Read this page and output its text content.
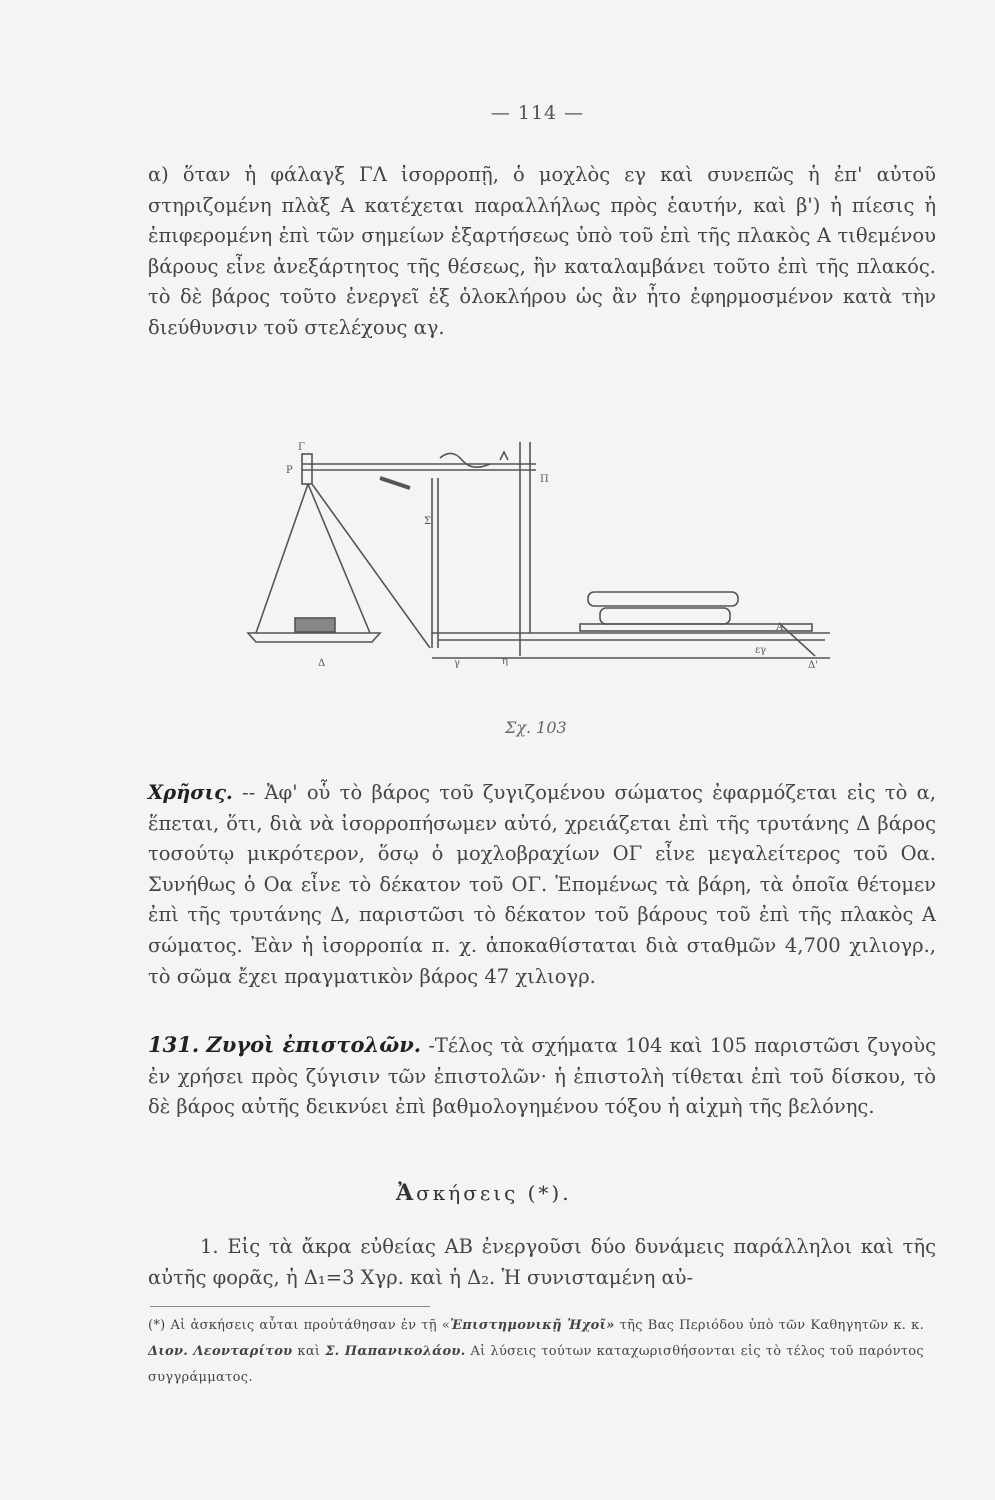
— 114 —

α) ὅταν ἡ φάλαγξ ΓΛ ἰσορροπῇ, ὁ μοχλὸς εγ καὶ συνεπῶς ἡ ἐπ' αὐτοῦ στηριζομένη πλὰξ Α κατέχεται παραλλήλως πρὸς ἑαυτήν, καὶ β') ἡ πίεσις ἡ ἐπιφερομένη ἐπὶ τῶν σημείων ἐξαρτήσεως ὑπὸ τοῦ ἐπὶ τῆς πλακὸς Α τιθεμένου βάρους εἶνε ἀνεξάρτητος τῆς θέσεως, ἣν καταλαμβάνει τοῦτο ἐπὶ τῆς πλακός. τὸ δὲ βάρος τοῦτο ἐνεργεῖ ἐξ ὁλοκλήρου ὡς ἂν ἦτο ἐφηρμοσμένον κατὰ τὴν διεύθυνσιν τοῦ στελέχους αγ.

Γ
Ρ
Π
Σ
Δ
Α
γ	η
εγ
Δ'
Σχ. 103

Χρῆσις. -- Ἀφ' οὗ τὸ βάρος τοῦ ζυγιζομένου σώματος ἐφαρμόζεται εἰς τὸ α, ἕπεται, ὅτι, διὰ νὰ ἰσορροπήσωμεν αὐτό, χρειάζεται ἐπὶ τῆς τρυτάνης Δ βάρος τοσούτῳ μικρότερον, ὅσῳ ὁ μοχλοβραχίων ΟΓ εἶνε μεγαλείτερος τοῦ Οα. Συνήθως ὁ Οα εἶνε τὸ δέκατον τοῦ ΟΓ. Ἑπομένως τὰ βάρη, τὰ ὁποῖα θέτομεν ἐπὶ τῆς τρυτάνης Δ, παριστῶσι τὸ δέκατον τοῦ βάρους τοῦ ἐπὶ τῆς πλακὸς Α σώματος. Ἐὰν ἡ ἰσορροπία π. χ. ἀποκαθίσταται διὰ σταθμῶν 4,700 χιλιογρ., τὸ σῶμα ἔχει πραγματικὸν βάρος 47 χιλιογρ.

131. Ζυγοὶ ἐπιστολῶν. -Τέλος τὰ σχήματα 104 καὶ 105 παριστῶσι ζυγοὺς ἐν χρήσει πρὸς ζύγισιν τῶν ἐπιστολῶν· ἡ ἐπιστολὴ τίθεται ἐπὶ τοῦ δίσκου, τὸ δὲ βάρος αὐτῆς δεικνύει ἐπὶ βαθμολογημένου τόξου ἡ αἰχμὴ τῆς βελόνης.

Ἀσκήσεις (*).

1. Εἰς τὰ ἄκρα εὐθείας ΑΒ ἐνεργοῦσι δύο δυνάμεις παράλληλοι καὶ τῆς αὐτῆς φορᾶς, ἡ Δ₁=3 Χγρ. καὶ ἡ Δ₂. Ἡ συνισταμένη αὐ-

(*) Αἱ ἀσκήσεις αὗται προὐτάθησαν ἐν τῇ «Ἐπιστημονικῇ Ἠχοῖ» τῆς Βας Περιόδου ὑπὸ τῶν Καθηγητῶν κ. κ. Διον. Λεονταρίτου καὶ Σ. Παπανικολάου. Αἱ λύσεις τούτων καταχωρισθήσονται εἰς τὸ τέλος τοῦ παρόντος συγγράμματος.
